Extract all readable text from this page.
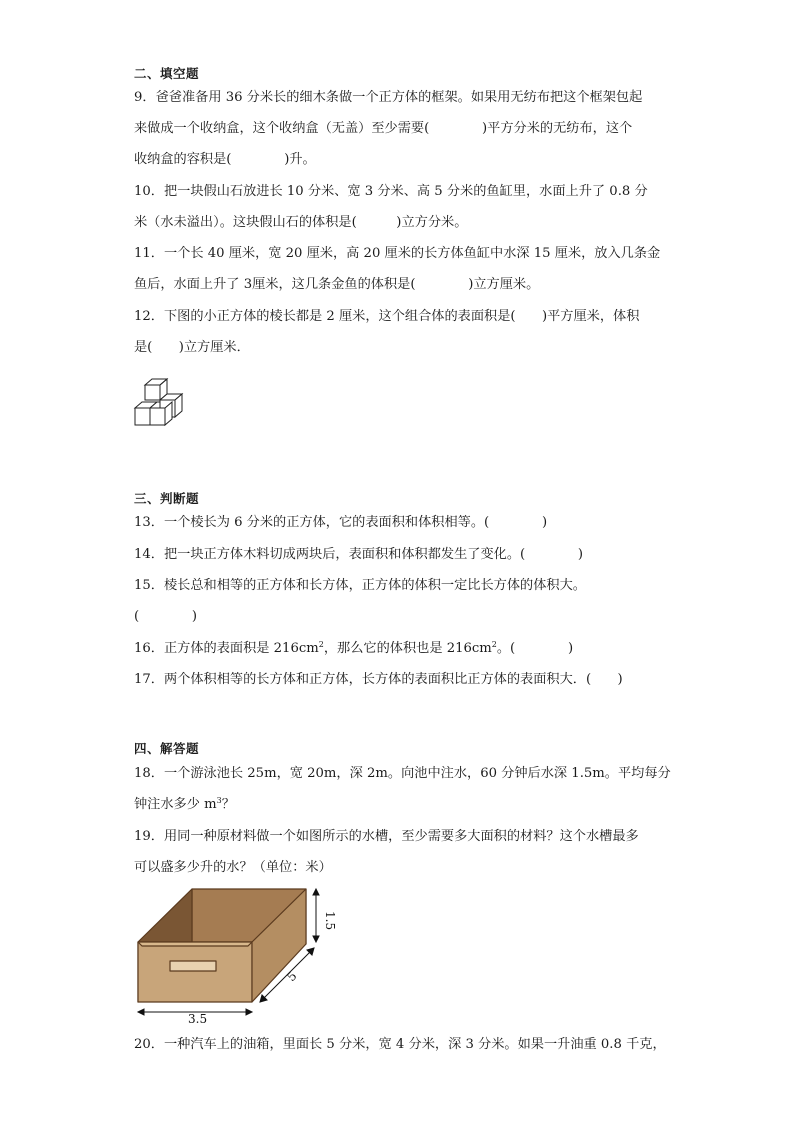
二、填空题
9．爸爸准备用 36 分米长的细木条做一个正方体的框架。如果用无纺布把这个框架包起
来做成一个收纳盒，这个收纳盒（无盖）至少需要(　　　　)平方分米的无纺布，这个
收纳盒的容积是(　　　　)升。
10．把一块假山石放进长 10 分米、宽 3 分米、高 5 分米的鱼缸里，水面上升了 0.8 分
米（水未溢出）。这块假山石的体积是(　　　)立方分米。
11．一个长 40 厘米，宽 20 厘米，高 20 厘米的长方体鱼缸中水深 15 厘米，放入几条金
鱼后，水面上升了 3厘米，这几条金鱼的体积是(　　　　)立方厘米。
12．下图的小正方体的棱长都是 2 厘米，这个组合体的表面积是(　　)平方厘米，体积
是(　　)立方厘米．
三、判断题
13．一个棱长为 6 分米的正方体，它的表面积和体积相等。(　　　　)
14．把一块正方体木料切成两块后，表面积和体积都发生了变化。(　　　　)
15．棱长总和相等的正方体和长方体，正方体的体积一定比长方体的体积大。
(　　　　)
16．正方体的表面积是 $216cm^2$，那么它的体积也是 $216cm^2$。(　　　　)
17．两个体积相等的长方体和正方体，长方体的表面积比正方体的表面积大．(　　)
四、解答题
18．一个游泳池长 25m，宽 20m，深 2m。向池中注水，60 分钟后水深 1.5m。平均每分
钟注水多少 $m^3$？
19．用同一种原材料做一个如图所示的水槽，至少需要多大面积的材料？这个水槽最多
可以盛多少升的水？（单位：米）
3.5
5
1.5
20．一种汽车上的油箱，里面长 5 分米，宽 4 分米，深 3 分米。如果一升油重 0.8 千克，
